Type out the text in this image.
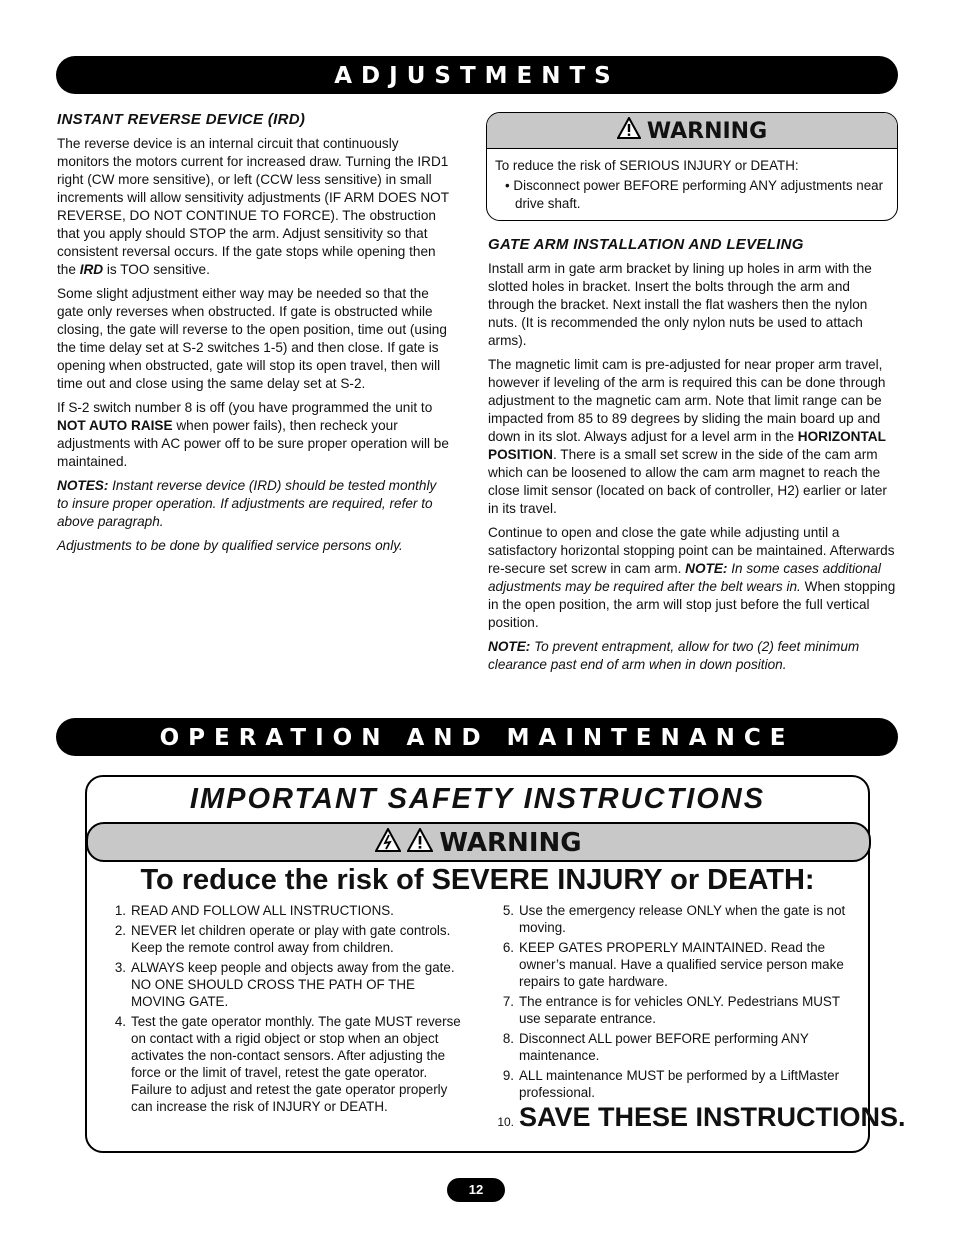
ADJUSTMENTS
INSTANT REVERSE DEVICE (IRD)

The reverse device is an internal circuit that continuously monitors the motors current for increased draw. Turning the IRD1 right (CW more sensitive), or left (CCW less sensitive) in small increments will allow sensitivity adjustments (IF ARM DOES NOT REVERSE, DO NOT CONTINUE TO FORCE). The obstruction that you apply should STOP the arm. Adjust sensitivity so that consistent reversal occurs. If the gate stops while opening then the IRD is TOO sensitive.

Some slight adjustment either way may be needed so that the gate only reverses when obstructed. If gate is obstructed while closing, the gate will reverse to the open position, time out (using the time delay set at S-2 switches 1-5) and then close. If gate is opening when obstructed, gate will stop its open travel, then will time out and close using the same delay set at S-2.

If S-2 switch number 8 is off (you have programmed the unit to NOT AUTO RAISE when power fails), then recheck your adjustments with AC power off to be sure proper operation will be maintained.

NOTES: Instant reverse device (IRD) should be tested monthly to insure proper operation. If adjustments are required, refer to above paragraph.

Adjustments to be done by qualified service persons only.

WARNING
To reduce the risk of SERIOUS INJURY or DEATH:
• Disconnect power BEFORE performing ANY adjustments near drive shaft.
GATE ARM INSTALLATION AND LEVELING

Install arm in gate arm bracket by lining up holes in arm with the slotted holes in bracket. Insert the bolts through the arm and through the bracket. Next install the flat washers then the nylon nuts. (It is recommended the only nylon nuts be used to attach arms).

The magnetic limit cam is pre-adjusted for near proper arm travel, however if leveling of the arm is required this can be done through adjustment to the magnetic cam arm. Note that limit range can be impacted from 85 to 89 degrees by sliding the main board up and down in its slot. Always adjust for a level arm in the HORIZONTAL POSITION. There is a small set screw in the side of the cam arm which can be loosened to allow the cam arm magnet to reach the close limit sensor (located on back of controller, H2) earlier or later in its travel.

Continue to open and close the gate while adjusting until a satisfactory horizontal stopping point can be maintained. Afterwards re-secure set screw in cam arm. NOTE: In some cases additional adjustments may be required after the belt wears in. When stopping in the open position, the arm will stop just before the full vertical position.

NOTE: To prevent entrapment, allow for two (2) feet minimum clearance past end of arm when in down position.

OPERATION AND MAINTENANCE
IMPORTANT SAFETY INSTRUCTIONS
WARNING
To reduce the risk of SEVERE INJURY or DEATH:
1. READ AND FOLLOW ALL INSTRUCTIONS.
2. NEVER let children operate or play with gate controls. Keep the remote control away from children.
3. ALWAYS keep people and objects away from the gate. NO ONE SHOULD CROSS THE PATH OF THE MOVING GATE.
4. Test the gate operator monthly. The gate MUST reverse on contact with a rigid object or stop when an object activates the non-contact sensors. After adjusting the force or the limit of travel, retest the gate operator. Failure to adjust and retest the gate operator properly can increase the risk of INJURY or DEATH.
5. Use the emergency release ONLY when the gate is not moving.
6. KEEP GATES PROPERLY MAINTAINED. Read the owner’s manual. Have a qualified service person make repairs to gate hardware.
7. The entrance is for vehicles ONLY. Pedestrians MUST use separate entrance.
8. Disconnect ALL power BEFORE performing ANY maintenance.
9. ALL maintenance MUST be performed by a LiftMaster professional.
10. SAVE THESE INSTRUCTIONS.
12
